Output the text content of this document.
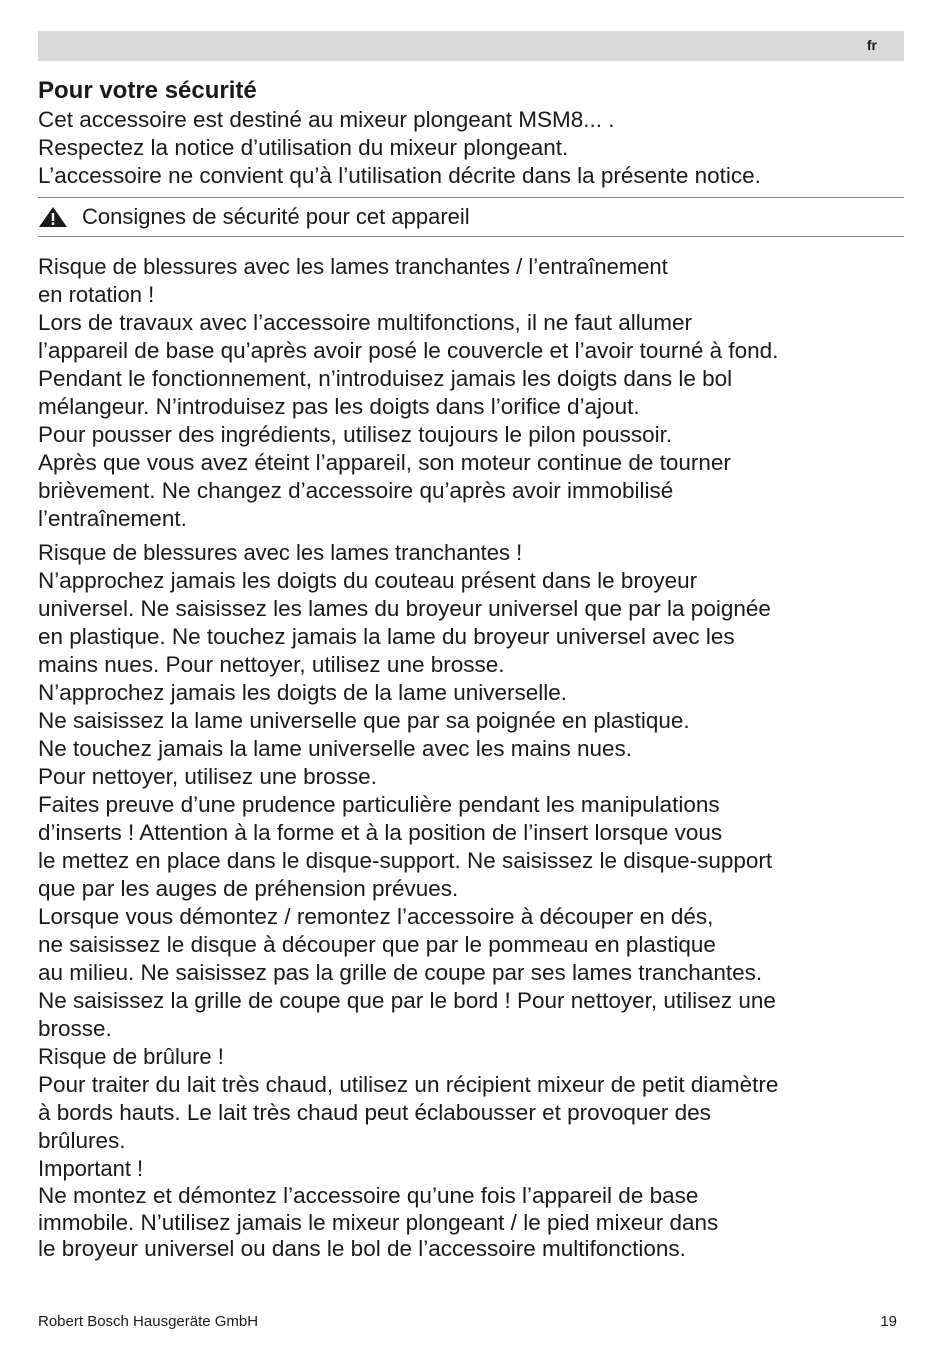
fr
Pour votre sécurité

Cet accessoire est destiné au mixeur plongeant MSM8... .

Respectez la notice d’utilisation du mixeur plongeant.

L’accessoire ne convient qu’à l’utilisation décrite dans la présente notice.

Consignes de sécurité pour cet appareil

Risque de blessures avec les lames tranchantes / l’entraînement
en rotation !

Lors de travaux avec l’accessoire multifonctions, il ne faut allumer
l’appareil de base qu’après avoir posé le couvercle et l’avoir tourné à fond.
Pendant le fonctionnement, n’introduisez jamais les doigts dans le bol
mélangeur. N’introduisez pas les doigts dans l’orifice d’ajout.
Pour pousser des ingrédients, utilisez toujours le pilon poussoir.
Après que vous avez éteint l’appareil, son moteur continue de tourner
brièvement. Ne changez d’accessoire qu’après avoir immobilisé
l’entraînement.

Risque de blessures avec les lames tranchantes !

N’approchez jamais les doigts du couteau présent dans le broyeur
universel. Ne saisissez les lames du broyeur universel que par la poignée
en plastique. Ne touchez jamais la lame du broyeur universel avec les
mains nues. Pour nettoyer, utilisez une brosse.
N’approchez jamais les doigts de la lame universelle.
Ne saisissez la lame universelle que par sa poignée en plastique.
Ne touchez jamais la lame universelle avec les mains nues.
Pour nettoyer, utilisez une brosse.
Faites preuve d’une prudence particulière pendant les manipulations
d’inserts ! Attention à la forme et à la position de l’insert lorsque vous
le mettez en place dans le disque-support. Ne saisissez le disque-support
que par les auges de préhension prévues.
Lorsque vous démontez / remontez l’accessoire à découper en dés,
ne saisissez le disque à découper que par le pommeau en plastique
au milieu. Ne saisissez pas la grille de coupe par ses lames tranchantes.
Ne saisissez la grille de coupe que par le bord ! Pour nettoyer, utilisez une
brosse.

Risque de brûlure !

Pour traiter du lait très chaud, utilisez un récipient mixeur de petit diamètre
à bords hauts. Le lait très chaud peut éclabousser et provoquer des
brûlures.

Important !

Ne montez et démontez l’accessoire qu’une fois l’appareil de base
immobile. N’utilisez jamais le mixeur plongeant / le pied mixeur dans
le broyeur universel ou dans le bol de l’accessoire multifonctions.

Robert Bosch Hausgeräte GmbH	19
